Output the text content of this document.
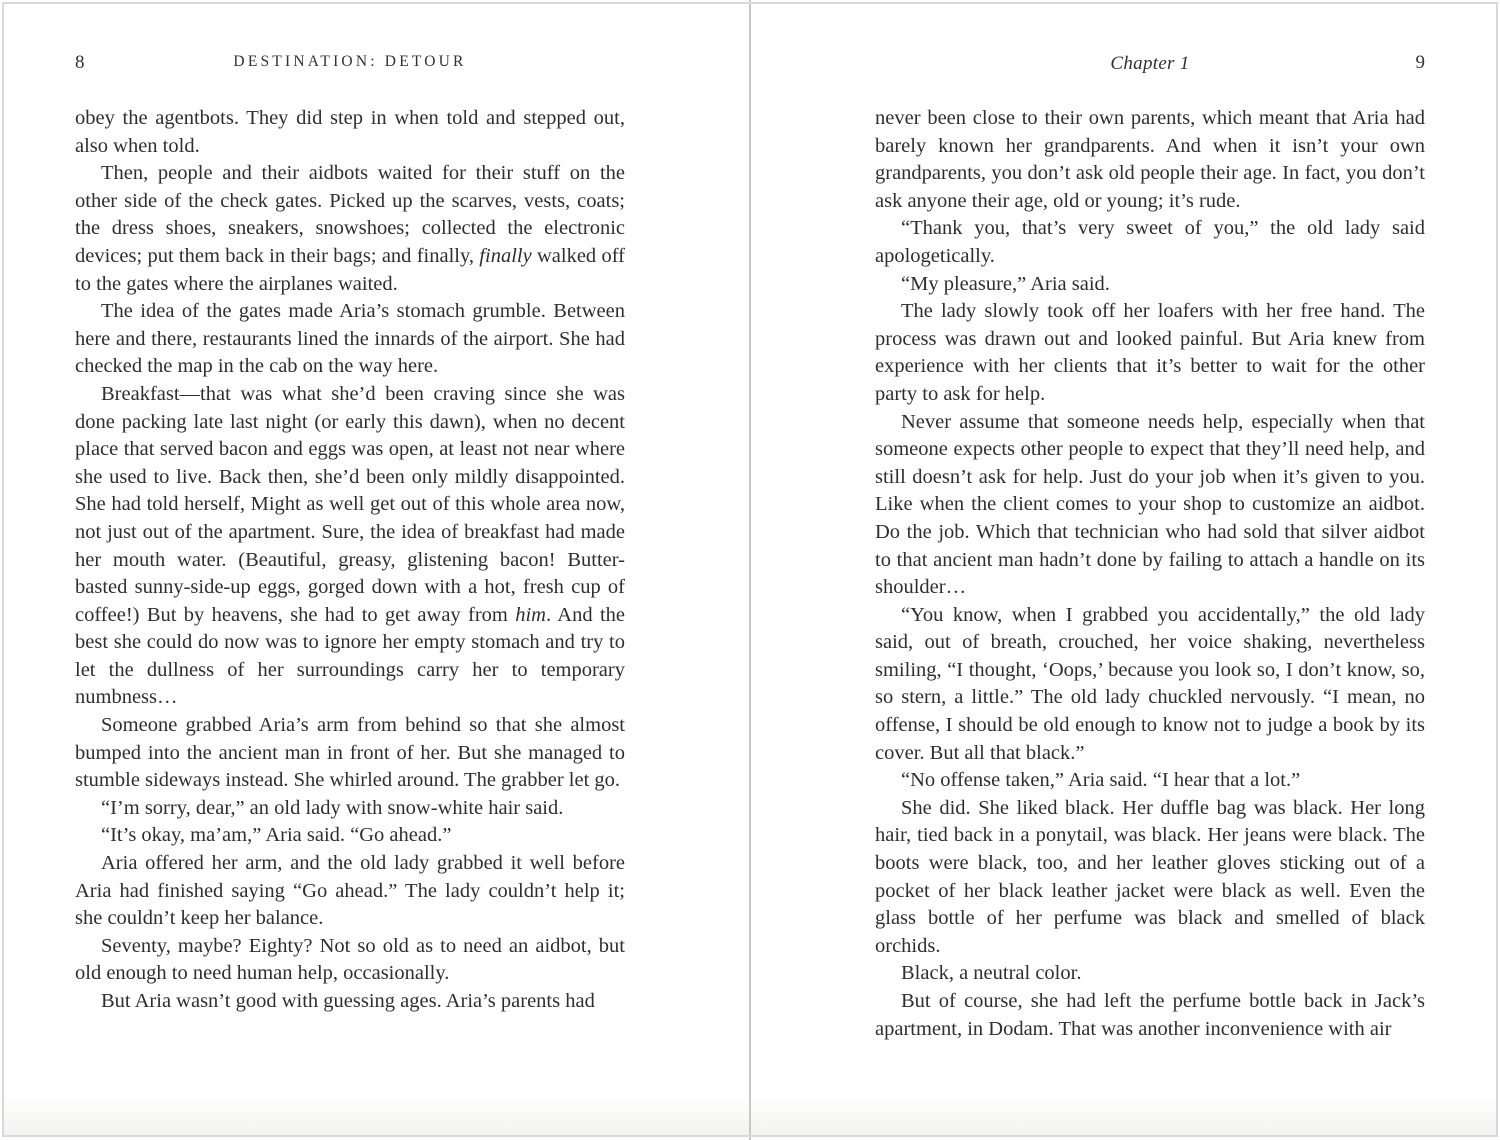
8	DESTINATION: DETOUR

obey the agentbots. They did step in when told and stepped out, also when told.

Then, people and their aidbots waited for their stuff on the other side of the check gates. Picked up the scarves, vests, coats; the dress shoes, sneakers, snowshoes; collected the electronic devices; put them back in their bags; and finally, finally walked off to the gates where the airplanes waited.

The idea of the gates made Aria’s stomach grumble. Between here and there, restaurants lined the innards of the airport. She had checked the map in the cab on the way here.

Breakfast—that was what she’d been craving since she was done packing late last night (or early this dawn), when no decent place that served bacon and eggs was open, at least not near where she used to live. Back then, she’d been only mildly disappointed. She had told herself, Might as well get out of this whole area now, not just out of the apartment. Sure, the idea of breakfast had made her mouth water. (Beautiful, greasy, glistening bacon! Butter-basted sunny-side-up eggs, gorged down with a hot, fresh cup of coffee!) But by heavens, she had to get away from him. And the best she could do now was to ignore her empty stomach and try to let the dullness of her surroundings carry her to temporary numbness…

Someone grabbed Aria’s arm from behind so that she almost bumped into the ancient man in front of her. But she managed to stumble sideways instead. She whirled around. The grabber let go.

“I’m sorry, dear,” an old lady with snow-white hair said.

“It’s okay, ma’am,” Aria said. “Go ahead.”

Aria offered her arm, and the old lady grabbed it well before Aria had finished saying “Go ahead.” The lady couldn’t help it; she couldn’t keep her balance.

Seventy, maybe? Eighty? Not so old as to need an aidbot, but old enough to need human help, occasionally.

But Aria wasn’t good with guessing ages. Aria’s parents had

Chapter 1	9

never been close to their own parents, which meant that Aria had barely known her grandparents. And when it isn’t your own grandparents, you don’t ask old people their age. In fact, you don’t ask anyone their age, old or young; it’s rude.

“Thank you, that’s very sweet of you,” the old lady said apologetically.

“My pleasure,” Aria said.

The lady slowly took off her loafers with her free hand. The process was drawn out and looked painful. But Aria knew from experience with her clients that it’s better to wait for the other party to ask for help.

Never assume that someone needs help, especially when that someone expects other people to expect that they’ll need help, and still doesn’t ask for help. Just do your job when it’s given to you. Like when the client comes to your shop to customize an aidbot. Do the job. Which that technician who had sold that silver aidbot to that ancient man hadn’t done by failing to attach a handle on its shoulder…

“You know, when I grabbed you accidentally,” the old lady said, out of breath, crouched, her voice shaking, nevertheless smiling, “I thought, ‘Oops,’ because you look so, I don’t know, so, so stern, a little.” The old lady chuckled nervously. “I mean, no offense, I should be old enough to know not to judge a book by its cover. But all that black.”

“No offense taken,” Aria said. “I hear that a lot.”

She did. She liked black. Her duffle bag was black. Her long hair, tied back in a ponytail, was black. Her jeans were black. The boots were black, too, and her leather gloves sticking out of a pocket of her black leather jacket were black as well. Even the glass bottle of her perfume was black and smelled of black orchids.

Black, a neutral color.

But of course, she had left the perfume bottle back in Jack’s apartment, in Dodam. That was another inconvenience with air
